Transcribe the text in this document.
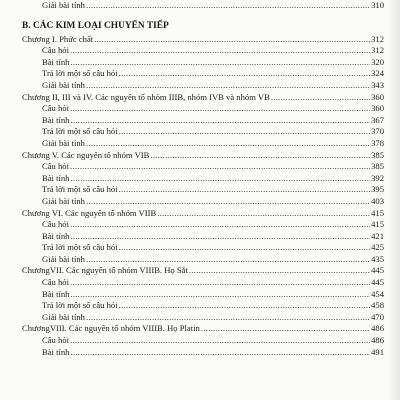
Giải bài tính .....	310
B. CÁC KIM LOẠI CHUYỂN TIẾP
Chương I. Phức chất .....	312
Câu hỏi .....	312
Bài tính .....	320
Trả lời một số câu hỏi .....	324
Giải bài tính .....	343
Chương II, III và IV. Các nguyên tố nhóm IIIB, nhóm IVB và nhóm VB .....	360
Câu hỏi .....	360
Bài tính .....	367
Trả lời một số câu hỏi .....	370
Giải bài tính .....	378
Chương V. Các nguyên tố nhóm VIB .....	385
Câu hỏi .....	385
Bài tính .....	392
Trả lời một số câu hỏi .....	395
Giải bài tính .....	403
Chương VI. Các nguyên tố nhóm VIIB .....	415
Câu hỏi .....	415
Bài tính .....	421
Trả lời một số câu hỏi .....	425
Giải bài tính .....	435
ChươngVII. Các nguyên tố nhóm VIIIB. Họ Sắt .....	445
Câu hỏi .....	445
Bài tính .....	454
Trả lời một số câu hỏi .....	458
Giải bài tính .....	470
ChươngVIII. Các nguyên tố nhóm VIIIB. Họ Platin .....	486
Câu hỏi .....	486
Bài tính .....	491
